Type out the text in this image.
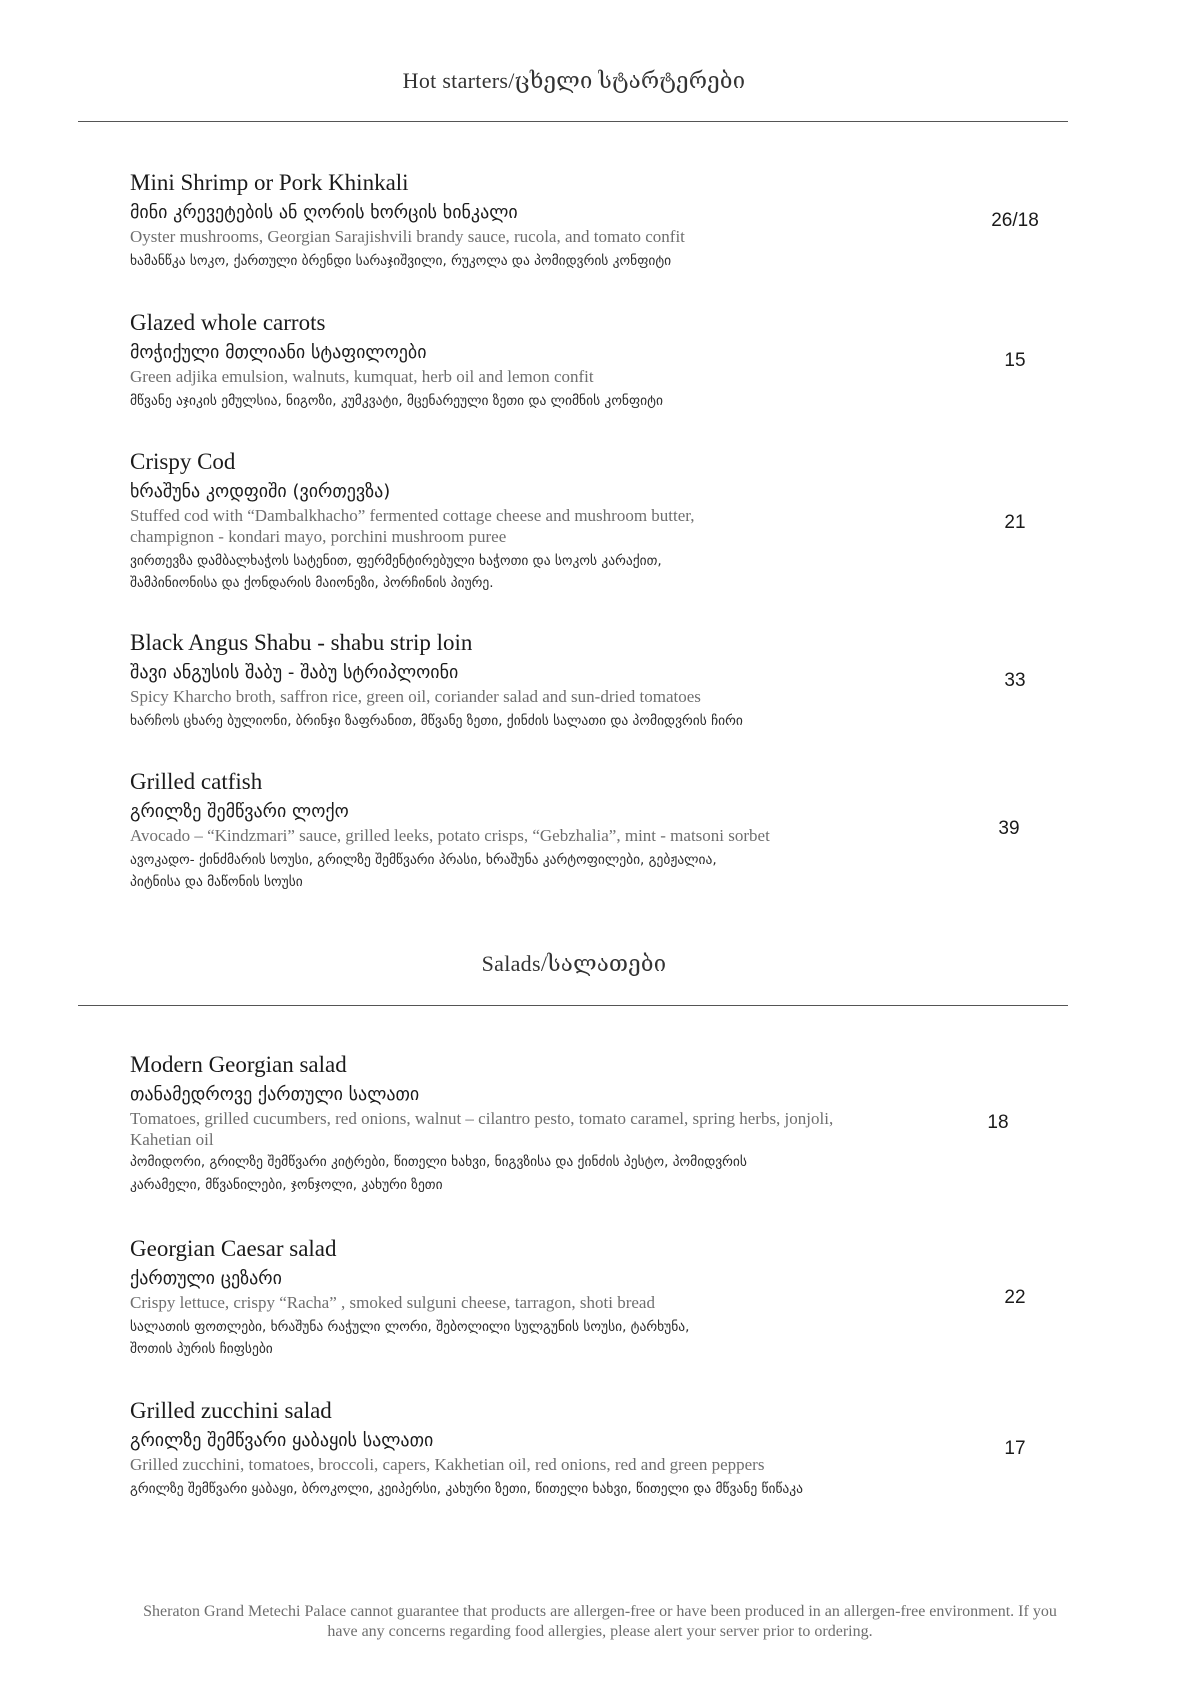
Hot starters/ცხელი სტარტერები
Mini Shrimp or Pork Khinkali
მინი კრევეტების ან ღორის ხორცის ხინკალი
Oyster mushrooms, Georgian Sarajishvili brandy sauce, rucola, and tomato confit
ხამანწკა სოკო, ქართული ბრენდი სარაჯიშვილი, რუკოლა და პომიდვრის კონფიტი
26/18
Glazed whole carrots
მოჭიქული მთლიანი სტაფილოები
Green adjika emulsion, walnuts, kumquat, herb oil and lemon confit
მწვანე აჯიკის ემულსია, ნიგოზი, კუმკვატი, მცენარეული ზეთი და ლიმნის კონფიტი
15
Crispy Cod
ხრაშუნა კოდფიში (ვირთევზა)
Stuffed cod with “Dambalkhacho” fermented cottage cheese and mushroom butter,
champignon - kondari mayo, porchini mushroom puree
ვირთევზა დამბალხაჭოს სატენით, ფერმენტირებული ხაჭოთი და სოკოს კარაქით,
შამპინიონისა და ქონდარის მაიონეზი, პორჩინის პიურე.
21
Black Angus Shabu - shabu strip loin
შავი ანგუსის შაბუ - შაბუ სტრიპლოინი
Spicy Kharcho broth, saffron rice, green oil, coriander salad and sun-dried tomatoes
ხარჩოს ცხარე ბულიონი, ბრინჯი ზაფრანით, მწვანე ზეთი, ქინძის სალათი და პომიდვრის ჩირი
33
Grilled catfish
გრილზე შემწვარი ლოქო
Avocado – “Kindzmari” sauce, grilled leeks, potato crisps, “Gebzhalia”, mint - matsoni sorbet
ავოკადო- ქინძმარის სოუსი, გრილზე შემწვარი პრასი, ხრაშუნა კარტოფილები, გებჟალია,
პიტნისა და მაწონის სოუსი
39
Salads/სალათები
Modern Georgian salad
თანამედროვე ქართული სალათი
Tomatoes, grilled cucumbers, red onions, walnut – cilantro pesto, tomato caramel, spring herbs, jonjoli,
Kahetian oil
პომიდორი, გრილზე შემწვარი კიტრები, წითელი ხახვი, ნიგვზისა და ქინძის პესტო, პომიდვრის
კარამელი, მწვანილები, ჯონჯოლი, კახური ზეთი
18
Georgian Caesar salad
ქართული ცეზარი
Crispy lettuce, crispy “Racha” , smoked sulguni cheese, tarragon, shoti bread
სალათის ფოთლები, ხრაშუნა რაჭული ლორი, შებოლილი სულგუნის სოუსი, ტარხუნა,
შოთის პურის ჩიფსები
22
Grilled zucchini salad
გრილზე შემწვარი ყაბაყის სალათი
Grilled zucchini, tomatoes, broccoli, capers, Kakhetian oil, red onions, red and green peppers
გრილზე შემწვარი ყაბაყი, ბროკოლი, კეიპერსი, კახური ზეთი, წითელი ხახვი, წითელი და მწვანე წიწაკა
17
Sheraton Grand Metechi Palace cannot guarantee that products are allergen-free or have been produced in an allergen-free environment. If you
have any concerns regarding food allergies, please alert your server prior to ordering.
